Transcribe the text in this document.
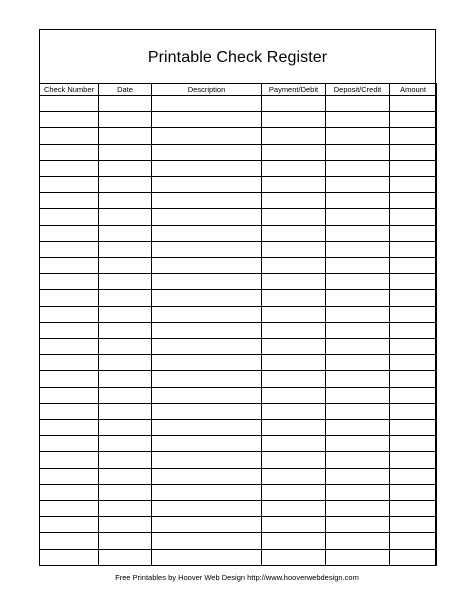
Printable Check Register
Check Number	Date	Description	Payment/Debit	Deposit/Credit	Amount

Free Printables by Hoover Web Design http://www.hooverwebdesign.com
